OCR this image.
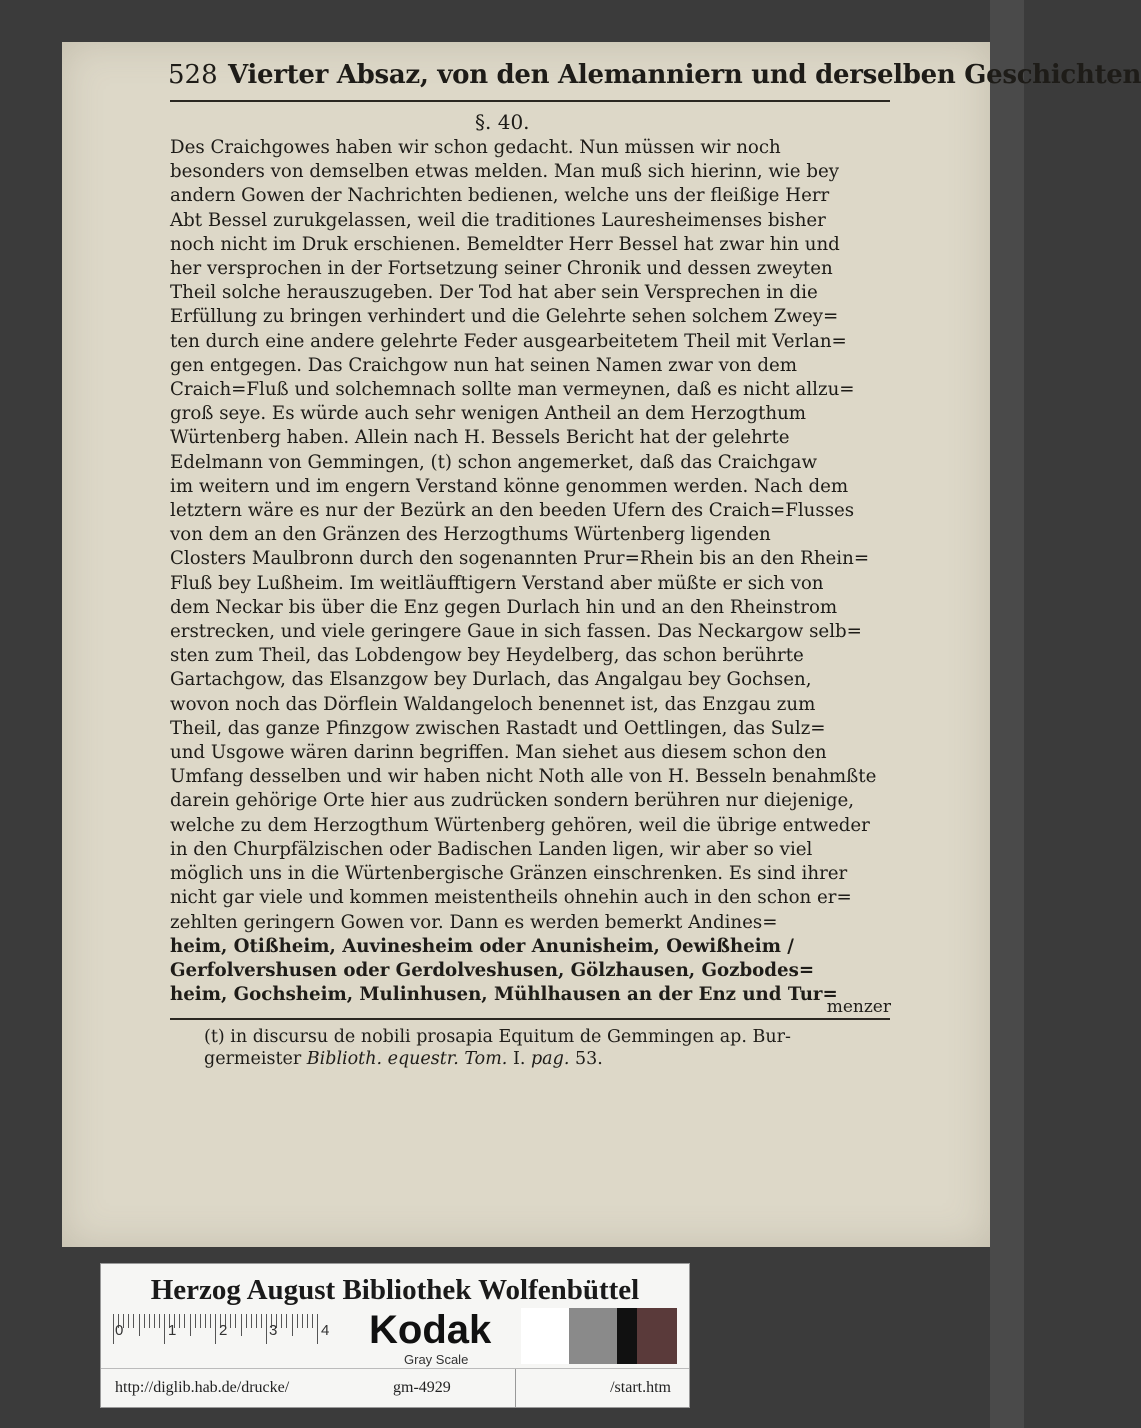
528 Vierter Absaz, von den Alemanniern und derselben Geschichten
§. 40.
Des Craichgowes haben wir schon gedacht. Nun müssen wir noch
besonders von demselben etwas melden. Man muß sich hierinn, wie bey
andern Gowen der Nachrichten bedienen, welche uns der fleißige Herr
Abt Bessel zurukgelassen, weil die traditiones Lauresheimenses bisher
noch nicht im Druk erschienen. Bemeldter Herr Bessel hat zwar hin und
her versprochen in der Fortsetzung seiner Chronik und dessen zweyten
Theil solche herauszugeben. Der Tod hat aber sein Versprechen in die
Erfüllung zu bringen verhindert und die Gelehrte sehen solchem Zwey=
ten durch eine andere gelehrte Feder ausgearbeitetem Theil mit Verlan=
gen entgegen. Das Craichgow nun hat seinen Namen zwar von dem
Craich=Fluß und solchemnach sollte man vermeynen, daß es nicht allzu=
groß seye. Es würde auch sehr wenigen Antheil an dem Herzogthum
Würtenberg haben. Allein nach H. Bessels Bericht hat der gelehrte
Edelmann von Gemmingen, (t) schon angemerket, daß das Craichgaw
im weitern und im engern Verstand könne genommen werden. Nach dem
letztern wäre es nur der Bezürk an den beeden Ufern des Craich=Flusses
von dem an den Gränzen des Herzogthums Würtenberg ligenden
Closters Maulbronn durch den sogenannten Prur=Rhein bis an den Rhein=
Fluß bey Lußheim. Im weitläufftigern Verstand aber müßte er sich von
dem Neckar bis über die Enz gegen Durlach hin und an den Rheinstrom
erstrecken, und viele geringere Gaue in sich fassen. Das Neckargow selb=
sten zum Theil, das Lobdengow bey Heydelberg, das schon berührte
Gartachgow, das Elsanzgow bey Durlach, das Angalgau bey Gochsen,
wovon noch das Dörflein Waldangeloch benennet ist, das Enzgau zum
Theil, das ganze Pfinzgow zwischen Rastadt und Oettlingen, das Sulz=
und Usgowe wären darinn begriffen. Man siehet aus diesem schon den
Umfang desselben und wir haben nicht Noth alle von H. Besseln benahmßte
darein gehörige Orte hier aus zudrücken sondern berühren nur diejenige,
welche zu dem Herzogthum Würtenberg gehören, weil die übrige entweder
in den Churpfälzischen oder Badischen Landen ligen, wir aber so viel
möglich uns in die Würtenbergische Gränzen einschrenken. Es sind ihrer
nicht gar viele und kommen meistentheils ohnehin auch in den schon er=
zehlten geringern Gowen vor. Dann es werden bemerkt Andines=
heim, Otißheim, Auvinesheim oder Anunisheim, Oewißheim /
Gerfolvershusen oder Gerdolveshusen, Gölzhausen, Gozbodes=
heim, Gochsheim, Mulinhusen, Mühlhausen an der Enz und Tur=
menzer
(t) in discursu de nobili prosapia Equitum de Gemmingen ap. Bur-
germeister Biblioth. equestr. Tom. I. pag. 53.
Herzog August Bibliothek Wolfenbüttel
0	1	2	3	4 Kodak
Gray Scale
http://diglib.hab.de/drucke/	gm-4929	/start.htm
